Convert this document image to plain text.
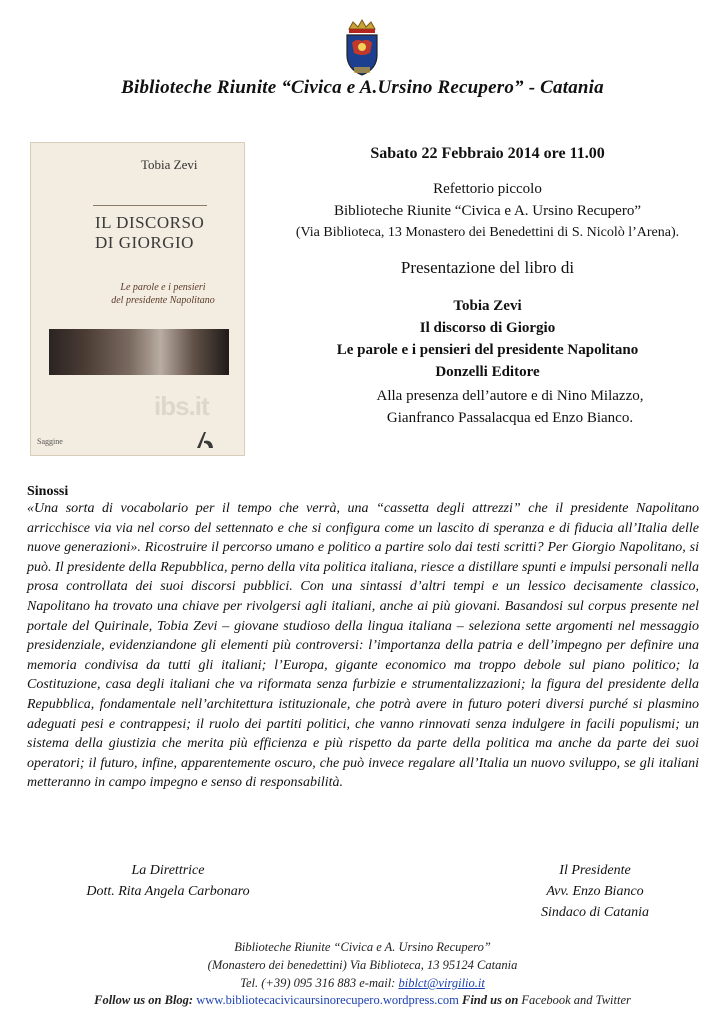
Biblioteche Riunite “Civica e A.Ursino Recupero” - Catania
Tobia Zevi
IL DISCORSO
DI GIORGIO
Le parole e i pensieri
del presidente Napolitano
ibs.it
Saggine
Sabato 22 Febbraio 2014 ore 11.00
Refettorio piccolo
Biblioteche Riunite “Civica e A. Ursino Recupero”
(Via Biblioteca, 13 Monastero dei Benedettini di S. Nicolò l’Arena).
Presentazione del libro di
Tobia Zevi
Il discorso di Giorgio
Le parole e i pensieri del presidente Napolitano
Donzelli Editore
Alla presenza dell’autore e di Nino Milazzo,
Gianfranco Passalacqua ed Enzo Bianco.
Sinossi
«Una sorta di vocabolario per il tempo che verrà, una “cassetta degli attrezzi” che il presidente Napolitano arricchisce via via nel corso del settennato e che si configura come un lascito di speranza e di fiducia all’Italia delle nuove generazioni». Ricostruire il percorso umano e politico a partire solo dai testi scritti? Per Giorgio Napolitano, si può. Il presidente della Repubblica, perno della vita politica italiana, riesce a distillare spunti e impulsi personali nella prosa controllata dei suoi discorsi pubblici. Con una sintassi d’altri tempi e un lessico decisamente classico, Napolitano ha trovato una chiave per rivolgersi agli italiani, anche ai più giovani. Basandosi sul corpus presente nel portale del Quirinale, Tobia Zevi – giovane studioso della lingua italiana – seleziona sette argomenti nel messaggio presidenziale, evidenziandone gli elementi più controversi: l’importanza della patria e dell’impegno per definire una memoria condivisa da tutti gli italiani; l’Europa, gigante economico ma troppo debole sul piano politico; la Costituzione, casa degli italiani che va riformata senza furbizie e strumentalizzazioni; la figura del presidente della Repubblica, fondamentale nell’architettura istituzionale, che potrà avere in futuro poteri diversi purché si plasmino adeguati pesi e contrappesi; il ruolo dei partiti politici, che vanno rinnovati senza indulgere in facili populismi; un sistema della giustizia che merita più efficienza e più rispetto da parte della politica ma anche da parte dei suoi operatori; il futuro, infine, apparentemente oscuro, che può invece regalare all’Italia un nuovo sviluppo, se gli italiani metteranno in campo impegno e senso di responsabilità.
La Direttrice
Dott. Rita Angela Carbonaro
Il Presidente
Avv. Enzo Bianco
Sindaco di Catania
Biblioteche Riunite “Civica e A. Ursino Recupero”
(Monastero dei benedettini) Via Biblioteca, 13 95124 Catania
Tel. (+39) 095 316 883 e-mail: biblct@virgilio.it
Follow us on Blog: www.bibliotecacivicaursinorecupero.wordpress.com Find us on Facebook and Twitter
